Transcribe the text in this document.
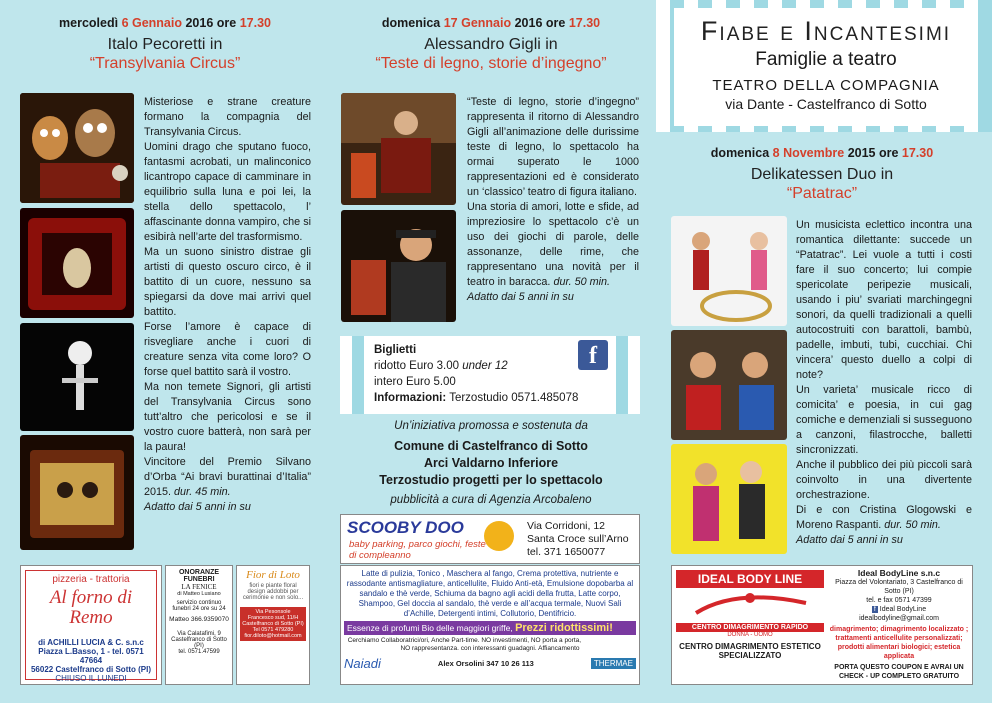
mercoledì 6 Gennaio 2016 ore 17.30
Italo Pecoretti in
“Transylvania Circus”

Misteriose e strane creature formano la compagnia del Transylvania Circus.

Uomini drago che sputano fuoco, fantasmi acrobati, un malinconico licantropo capace di camminare in equilibrio sulla luna e poi lei, la stella dello spettacolo, l’ affascinante donna vampiro, che si esibirà nell’arte del trasformismo.

Ma un suono sinistro distrae gli artisti di questo oscuro circo, è il battito di un cuore, nessuno sa spiegarsi da dove mai arrivi quel battito.

Forse l’amore è capace di risvegliare anche i cuori di creature senza vita come loro? O forse quel battito sarà il vostro.

Ma non temete Signori, gli artisti del Transylvania Circus sono tutt’altro che pericolosi e se il vostro cuore batterà, non sarà per la paura!

Vincitore del Premio Silvano d’Orba “Ai bravi burattinai d’Italia” 2015. dur. 45 min.

Adatto dai 5 anni in su

domenica 17 Gennaio 2016 ore 17.30
Alessandro Gigli in
“Teste di legno, storie d’ingegno”

“Teste di legno, storie d’ingegno” rappresenta il ritorno di Alessandro Gigli all’animazione delle durissime teste di legno, lo spettacolo ha ormai superato le 1000 rappresentazioni ed è considerato un ‘classico’ teatro di figura italiano.

Una storia di amori, lotte e sfide, ad impreziosire lo spettacolo c’è un uso dei giochi di parole, delle assonanze, delle rime, che rappresentano una novità per il teatro in baracca. dur. 50 min.

Adatto dai 5 anni in su

Biglietti
ridotto Euro 3.00 under 12
intero Euro 5.00
Informazioni: Terzostudio 0571.485078
f
Un’iniziativa promossa e sostenuta da
Comune di Castelfranco di Sotto
Arci Valdarno Inferiore
Terzostudio progetti per lo spettacolo
pubblicità a cura di Agenzia Arcobaleno
Fiabe e Incantesimi
Famiglie a teatro
TEATRO DELLA COMPAGNIA
via Dante - Castelfranco di Sotto
domenica 8 Novembre 2015 ore 17.30
Delikatessen Duo in
“Patatrac”

Un musicista eclettico incontra una romantica dilettante: succede un “Patatrac”. Lei vuole a tutti i costi fare il suo concerto; lui compie spericolate peripezie musicali, usando i piu’ svariati marchingegni sonori, da quelli tradizionali a quelli autocostruiti con barattoli, bambù, padelle, imbuti, tubi, cucchiai. Chi vincera’ questo duello a colpi di note?

Un varieta’ musicale ricco di comicita’ e poesia, in cui gag comiche e demenziali si susseguono a canzoni, filastrocche, balletti sincronizzati.

Anche il pubblico dei più piccoli sarà coinvolto in una divertente orchestrazione.

Di e con Cristina Glogowski e Moreno Raspanti. dur. 50 min.

Adatto dai 5 anni in su

pizzeria - trattoria
Al forno di Remo
di ACHILLI LUCIA & C. s.n.c
Piazza L.Basso, 1 - tel. 0571 47664
56022 Castelfranco di Sotto (PI)
CHIUSO IL LUNEDI
ONORANZE FUNEBRI
LA FENICE
di Matteo Lusiano
servizio continuo funebri 24 ore su 24
Matteo 366.9359070
Via Calatafimi, 9 Castelfranco di Sotto (PI)
tel. 0571.47599
Fior di Loto
fiori e piante floral design addobbi per cerimonie e non solo...
Via Pesonsole Francesco sud, 11/H Castelfranco di Sotto (PI)
Tel 0571 479280
fior.diloto@hotmail.com
SCOOBY DOO
baby parking, parco giochi, feste di compleanno
Via Corridoni, 12
Santa Croce sull’Arno
tel. 371 1650077
Latte di pulizia, Tonico , Maschera al fango, Crema protettiva, nutriente e rassodante antismagliature, anticellulite, Fluido Anti-età, Emulsione dopobarba al sandalo e thè verde, Schiuma da bagno agli acidi della frutta, Latte corpo, Shampoo, Gel doccia al sandalo, thè verde e all’acqua termale, Nuovi Sali d’Achille, Detergenti intimi, Collutorio, Dentifricio.
Essenze di profumi Bio delle maggiori griffe, Prezzi ridottissimi!
Made in Italy
Cerchiamo Collaboratrici/ori, Anche Part-time. NO investimenti, NO porta a porta, NO rappresentanza. con interessanti guadagni. Affiancamento
Naiadi	Alex Orsolini 347 10 26 113	THERMAE
IDEAL BODY LINE
CENTRO DIMAGRIMENTO RAPIDO
DONNA - UOMO
CENTRO DIMAGRIMENTO ESTETICO SPECIALIZZATO
Ideal BodyLine s.n.c
Piazza del Volontariato, 3 Castelfranco di Sotto (PI)
tel. e fax 0571 47399
f Ideal BodyLine
idealbodyline@gmail.com
dimagrimento; dimagrimento localizzato ; trattamenti anticellulite personalizzati; prodotti alimentari biologici; estetica applicata
PORTA QUESTO COUPON E AVRAI UN CHECK - UP COMPLETO GRATUITO
